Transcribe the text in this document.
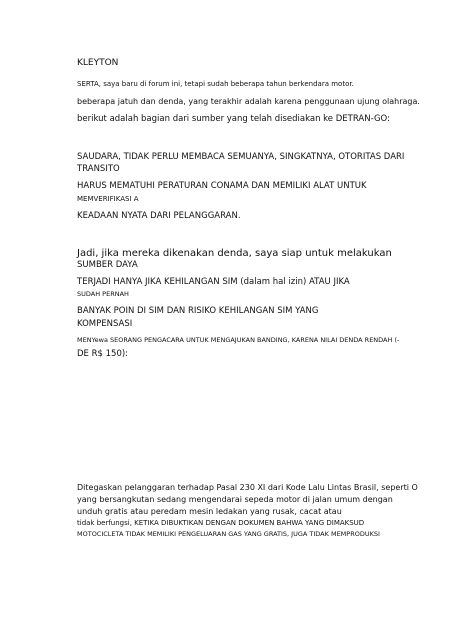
KLEYTON

SERTA, saya baru di forum ini, tetapi sudah beberapa tahun berkendara motor.

beberapa jatuh dan denda, yang terakhir adalah karena penggunaan ujung olahraga.

berikut adalah bagian dari sumber yang telah disediakan ke DETRAN-GO:

SAUDARA, TIDAK PERLU MEMBACA SEMUANYA, SINGKATNYA, OTORITAS DARI

TRANSITO

HARUS MEMATUHI PERATURAN CONAMA DAN MEMILIKI ALAT UNTUK

MEMVERIFIKASI A

KEADAAN NYATA DARI PELANGGARAN.

Jadi, jika mereka dikenakan denda, saya siap untuk melakukan

SUMBER DAYA

TERJADI HANYA JIKA KEHILANGAN SIM (dalam hal izin) ATAU JIKA

SUDAH PERNAH

BANYAK POIN DI SIM DAN RISIKO KEHILANGAN SIM YANG

KOMPENSASI

MENYewa SEORANG PENGACARA UNTUK MENGAJUKAN BANDING, KARENA NILAI DENDA RENDAH (-

DE R$ 150):

Ditegaskan pelanggaran terhadap Pasal 230 XI dari Kode Lalu Lintas Brasil, seperti O

yang bersangkutan sedang mengendarai sepeda motor di jalan umum dengan

unduh gratis atau peredam mesin ledakan yang rusak, cacat atau

tidak berfungsi, KETIKA DIBUKTIKAN DENGAN DOKUMEN BAHWA YANG DIMAKSUD

MOTOCICLETA TIDAK MEMILIKI PENGELUARAN GAS YANG GRATIS, JUGA TIDAK MEMPRODUKSI
